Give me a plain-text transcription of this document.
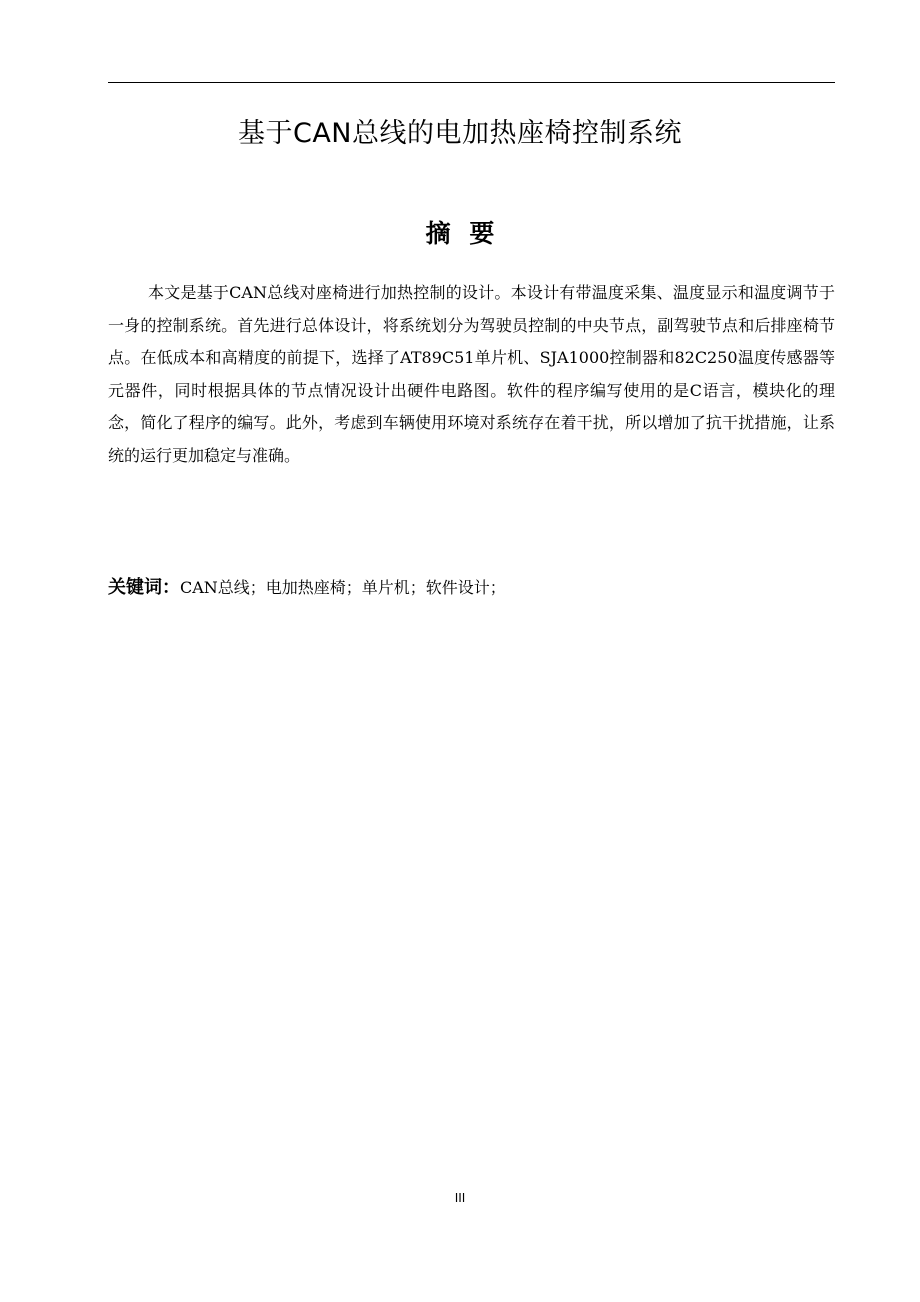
基于CAN总线的电加热座椅控制系统
摘 要

本文是基于CAN总线对座椅进行加热控制的设计。本设计有带温度采集、温度显示和温度调节于一身的控制系统。首先进行总体设计，将系统划分为驾驶员控制的中央节点，副驾驶节点和后排座椅节点。在低成本和高精度的前提下，选择了AT89C51单片机、SJA1000控制器和82C250温度传感器等元器件，同时根据具体的节点情况设计出硬件电路图。软件的程序编写使用的是C语言，模块化的理念，简化了程序的编写。此外，考虑到车辆使用环境对系统存在着干扰，所以增加了抗干扰措施，让系统的运行更加稳定与准确。

关键词：CAN总线；电加热座椅；单片机；软件设计；

III
